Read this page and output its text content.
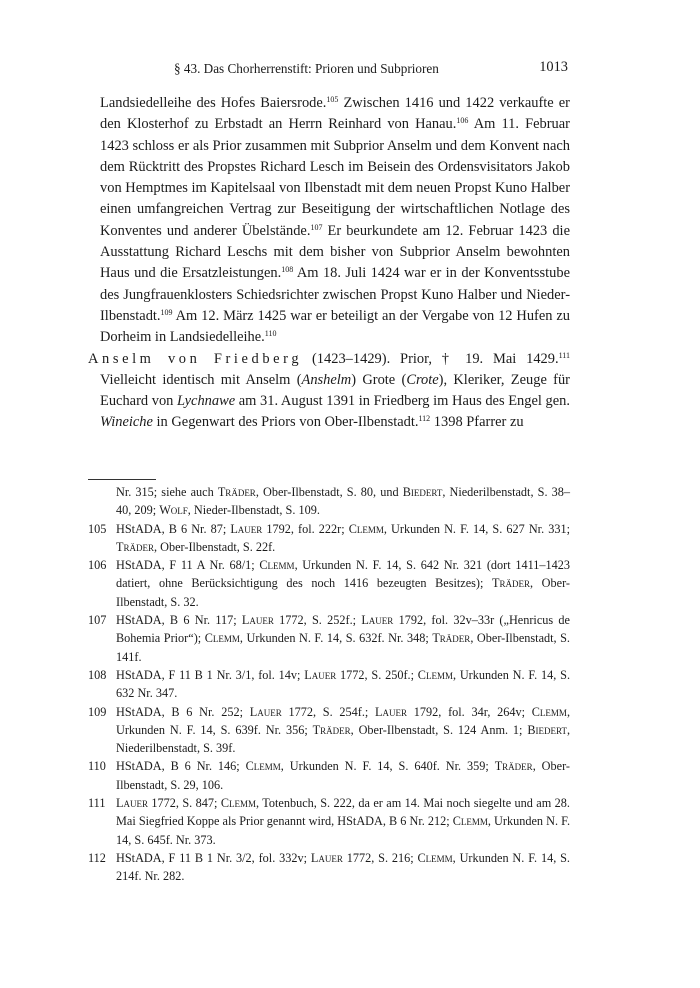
§ 43. Das Chorherrenstift: Prioren und Subprioren	1013

Landsiedelleihe des Hofes Baiersrode.$^{105}$ Zwischen 1416 und 1422 verkaufte er den Klosterhof zu Erbstadt an Herrn Reinhard von Hanau.$^{106}$ Am 11. Februar 1423 schloss er als Prior zusammen mit Subprior Anselm und dem Konvent nach dem Rücktritt des Propstes Richard Lesch im Beisein des Ordensvisitators Jakob von Hemptmes im Kapitelsaal von Ilbenstadt mit dem neuen Propst Kuno Halber einen umfangreichen Vertrag zur Beseitigung der wirtschaftlichen Notlage des Konventes und anderer Übelstände.$^{107}$ Er beurkundete am 12. Februar 1423 die Ausstattung Richard Leschs mit dem bisher von Subprior Anselm bewohnten Haus und die Ersatzleistungen.$^{108}$ Am 18. Juli 1424 war er in der Konventsstube des Jungfrauenklosters Schiedsrichter zwischen Propst Kuno Halber und Nieder-Ilbenstadt.$^{109}$ Am 12. März 1425 war er beteiligt an der Vergabe von 12 Hufen zu Dorheim in Landsiedelleihe.$^{110}$

Anselm von Friedberg (1423–1429). Prior, † 19. Mai 1429.$^{111}$ Vielleicht identisch mit Anselm (Anshelm) Grote (Crote), Kleriker, Zeuge für Euchard von Lychnawe am 31. August 1391 in Friedberg im Haus des Engel gen. Wineiche in Gegenwart des Priors von Ober-Ilbenstadt.$^{112}$ 1398 Pfarrer zu

Nr. 315; siehe auch Träder, Ober-Ilbenstadt, S. 80, und Biedert, Niederilbenstadt, S. 38–40, 209; Wolf, Nieder-Ilbenstadt, S. 109.
105 HStADA, B 6 Nr. 87; Lauer 1792, fol. 222r; Clemm, Urkunden N. F. 14, S. 627 Nr. 331; Träder, Ober-Ilbenstadt, S. 22f.
106 HStADA, F 11 A Nr. 68/1; Clemm, Urkunden N. F. 14, S. 642 Nr. 321 (dort 1411–1423 datiert, ohne Berücksichtigung des noch 1416 bezeugten Besitzes); Träder, Ober-Ilbenstadt, S. 32.
107 HStADA, B 6 Nr. 117; Lauer 1772, S. 252f.; Lauer 1792, fol. 32v–33r („Henricus de Bohemia Prior“); Clemm, Urkunden N. F. 14, S. 632f. Nr. 348; Träder, Ober-Ilbenstadt, S. 141f.
108 HStADA, F 11 B 1 Nr. 3/1, fol. 14v; Lauer 1772, S. 250f.; Clemm, Urkunden N. F. 14, S. 632 Nr. 347.
109 HStADA, B 6 Nr. 252; Lauer 1772, S. 254f.; Lauer 1792, fol. 34r, 264v; Clemm, Urkunden N. F. 14, S. 639f. Nr. 356; Träder, Ober-Ilbenstadt, S. 124 Anm. 1; Biedert, Niederilbenstadt, S. 39f.
110 HStADA, B 6 Nr. 146; Clemm, Urkunden N. F. 14, S. 640f. Nr. 359; Träder, Ober-Ilbenstadt, S. 29, 106.
111 Lauer 1772, S. 847; Clemm, Totenbuch, S. 222, da er am 14. Mai noch siegelte und am 28. Mai Siegfried Koppe als Prior genannt wird, HStADA, B 6 Nr. 212; Clemm, Urkunden N. F. 14, S. 645f. Nr. 373.
112 HStADA, F 11 B 1 Nr. 3/2, fol. 332v; Lauer 1772, S. 216; Clemm, Urkunden N. F. 14, S. 214f. Nr. 282.
